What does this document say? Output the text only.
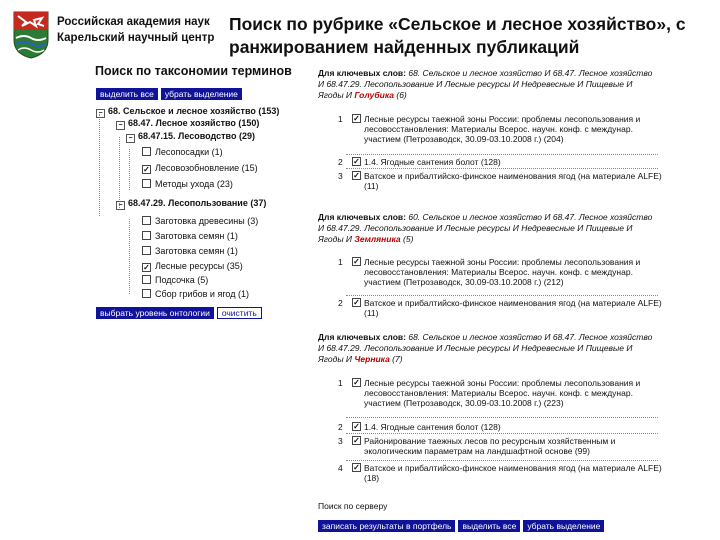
Российская академия наук
Карельский научный центр
Поиск по рубрике «Сельское и лесное хозяйство», с
ранжированием найденных публикаций
Поиск по таксономии терминов
выделить все	убрать выделение
− 68. Сельское и лесное хозяйство (153)
− 68.47. Лесное хозяйство (150)
− 68.47.15. Лесоводство (29)
Лесопосадки (1)
✓ Лесовозобновление (15)
Методы ухода (23)
− 68.47.29. Лесопользование (37)
Заготовка древесины (3)
Заготовка семян (1)
Заготовка семян (1)
✓ Лесные ресурсы (35)
Подсочка (5)
Сбор грибов и ягод (1)
выбрать уровень онтологии	очистить
Для ключевых слов: 68. Сельское и лесное хозяйство И 68.47. Лесное хозяйство
И 68.47.29. Лесопользование И Лесные ресурсы И Недревесные И Пищевые И
Ягоды И Голубика (6)
1 ✓ Лесные ресурсы таежной зоны России: проблемы лесопользования и лесовосстановления: Материалы Всерос. научн. конф. с междунар. участием (Петрозаводск, 30.09-03.10.2008 г.) (204)
2 ✓ 1.4. Ягодные сантения болот (128)
3 ✓ Ватское и прибалтийско-финское наименования ягод (на материале ALFE) (11)
Для ключевых слов: 60. Сельское и лесное хозяйство И 68.47. Лесное хозяйство
И 68.47.29. Лесопользование И Лесные ресурсы И Недревесные И Пищевые И
Ягоды И Земляника (5)
1 ✓ Лесные ресурсы таежной зоны России: проблемы лесопользования и лесовосстановления: Материалы Всерос. научн. конф. с междунар. участием (Петрозаводск, 30.09-03.10.2008 г.) (212)
2 ✓ Ватское и прибалтийско-финское наименования ягод (на материале ALFE) (11)
Для ключевых слов: 68. Сельское и лесное хозяйство И 68.47. Лесное хозяйство
И 68.47.29. Лесопользование И Лесные ресурсы И Недревесные И Пищевые И
Ягоды И Черника (7)
1 ✓ Лесные ресурсы таежной зоны России: проблемы лесопользования и лесовосстановления: Материалы Всерос. научн. конф. с междунар. участием (Петрозаводск, 30.09-03.10.2008 г.) (223)
2 ✓ 1.4. Ягодные сантения болот (128)
3 ✓ Районирование таежных лесов по ресурсным хозяйственным и экологическим параметрам на ландшафтной основе (99)
4 ✓ Ватское и прибалтийско-финское наименования ягод (на материале ALFE) (18)
Поиск по серверу
записать результаты в портфель	выделить все	убрать выделение
